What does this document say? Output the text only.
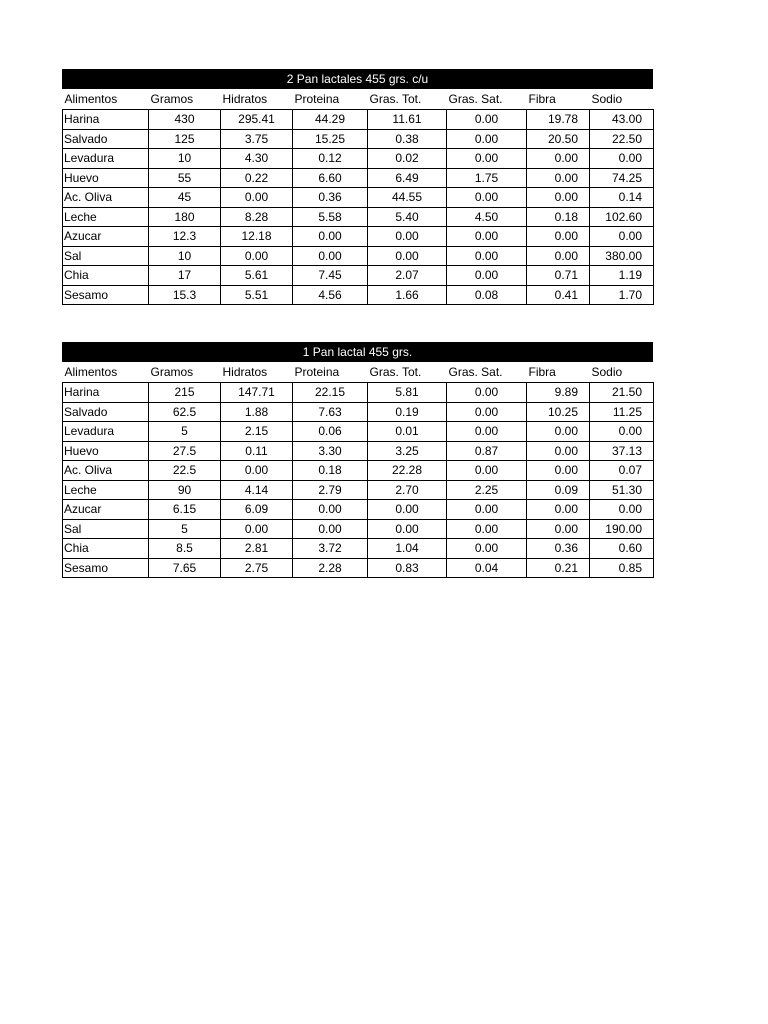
2 Pan lactales 455 grs. c/u
Alimentos	Gramos	Hidratos	Proteina	Gras. Tot.	Gras. Sat.	Fibra	Sodio
Harina	430	295.41	44.29	11.61	0.00	19.78	43.00
Salvado	125	3.75	15.25	0.38	0.00	20.50	22.50
Levadura	10	4.30	0.12	0.02	0.00	0.00	0.00
Huevo	55	0.22	6.60	6.49	1.75	0.00	74.25
Ac. Oliva	45	0.00	0.36	44.55	0.00	0.00	0.14
Leche	180	8.28	5.58	5.40	4.50	0.18	102.60
Azucar	12.3	12.18	0.00	0.00	0.00	0.00	0.00
Sal	10	0.00	0.00	0.00	0.00	0.00	380.00
Chia	17	5.61	7.45	2.07	0.00	0.71	1.19
Sesamo	15.3	5.51	4.56	1.66	0.08	0.41	1.70
1 Pan lactal 455 grs.
Alimentos	Gramos	Hidratos	Proteina	Gras. Tot.	Gras. Sat.	Fibra	Sodio
Harina	215	147.71	22.15	5.81	0.00	9.89	21.50
Salvado	62.5	1.88	7.63	0.19	0.00	10.25	11.25
Levadura	5	2.15	0.06	0.01	0.00	0.00	0.00
Huevo	27.5	0.11	3.30	3.25	0.87	0.00	37.13
Ac. Oliva	22.5	0.00	0.18	22.28	0.00	0.00	0.07
Leche	90	4.14	2.79	2.70	2.25	0.09	51.30
Azucar	6.15	6.09	0.00	0.00	0.00	0.00	0.00
Sal	5	0.00	0.00	0.00	0.00	0.00	190.00
Chia	8.5	2.81	3.72	1.04	0.00	0.36	0.60
Sesamo	7.65	2.75	2.28	0.83	0.04	0.21	0.85
